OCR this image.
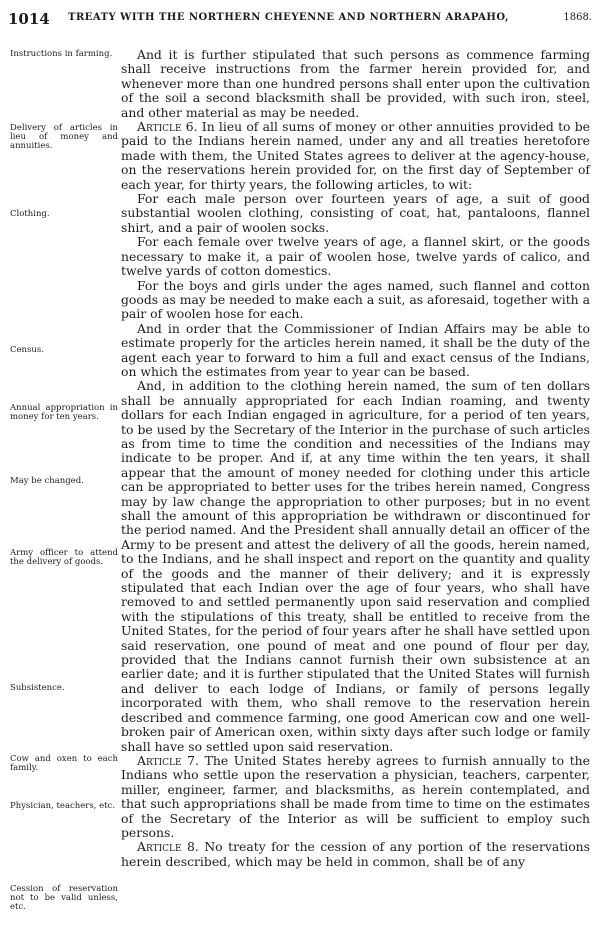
1014 TREATY WITH THE NORTHERN CHEYENNE AND NORTHERN ARAPAHO,	1868.
Instructions in farming.
Delivery of articles in lieu of money and annuities.
Clothing.
Census.
Annual appropriation in money for ten years.
May be changed.
Army officer to attend the delivery of goods.
Subsistence.
Cow and oxen to each family.
Physician, teachers, etc.
Cession of reservation not to be valid unless, etc.

And it is further stipulated that such persons as commence farming shall receive instructions from the farmer herein provided for, and whenever more than one hundred persons shall enter upon the cultivation of the soil a second blacksmith shall be provided, with such iron, steel, and other material as may be needed.

Article 6. In lieu of all sums of money or other annuities provided to be paid to the Indians herein named, under any and all treaties heretofore made with them, the United States agrees to deliver at the agency-house, on the reservations herein provided for, on the first day of September of each year, for thirty years, the following articles, to wit:

For each male person over fourteen years of age, a suit of good substantial woolen clothing, consisting of coat, hat, pantaloons, flannel shirt, and a pair of woolen socks.

For each female over twelve years of age, a flannel skirt, or the goods necessary to make it, a pair of woolen hose, twelve yards of calico, and twelve yards of cotton domestics.

For the boys and girls under the ages named, such flannel and cotton goods as may be needed to make each a suit, as aforesaid, together with a pair of woolen hose for each.

And in order that the Commissioner of Indian Affairs may be able to estimate properly for the articles herein named, it shall be the duty of the agent each year to forward to him a full and exact census of the Indians, on which the estimates from year to year can be based.

And, in addition to the clothing herein named, the sum of ten dollars shall be annually appropriated for each Indian roaming, and twenty dollars for each Indian engaged in agriculture, for a period of ten years, to be used by the Secretary of the Interior in the purchase of such articles as from time to time the condition and necessities of the Indians may indicate to be proper. And if, at any time within the ten years, it shall appear that the amount of money needed for clothing under this article can be appropriated to better uses for the tribes herein named, Congress may by law change the appropriation to other purposes; but in no event shall the amount of this appropriation be withdrawn or discontinued for the period named. And the President shall annually detail an officer of the Army to be present and attest the delivery of all the goods, herein named, to the Indians, and he shall inspect and report on the quantity and quality of the goods and the manner of their delivery; and it is expressly stipulated that each Indian over the age of four years, who shall have removed to and settled permanently upon said reservation and complied with the stipulations of this treaty, shall be entitled to receive from the United States, for the period of four years after he shall have settled upon said reservation, one pound of meat and one pound of flour per day, provided that the Indians cannot furnish their own subsistence at an earlier date; and it is further stipulated that the United States will furnish and deliver to each lodge of Indians, or family of persons legally incorporated with them, who shall remove to the reservation herein described and commence farming, one good American cow and one well-broken pair of American oxen, within sixty days after such lodge or family shall have so settled upon said reservation.

Article 7. The United States hereby agrees to furnish annually to the Indians who settle upon the reservation a physician, teachers, carpenter, miller, engineer, farmer, and blacksmiths, as herein contemplated, and that such appropriations shall be made from time to time on the estimates of the Secretary of the Interior as will be sufficient to employ such persons.

Article 8. No treaty for the cession of any portion of the reservations herein described, which may be held in common, shall be of any
